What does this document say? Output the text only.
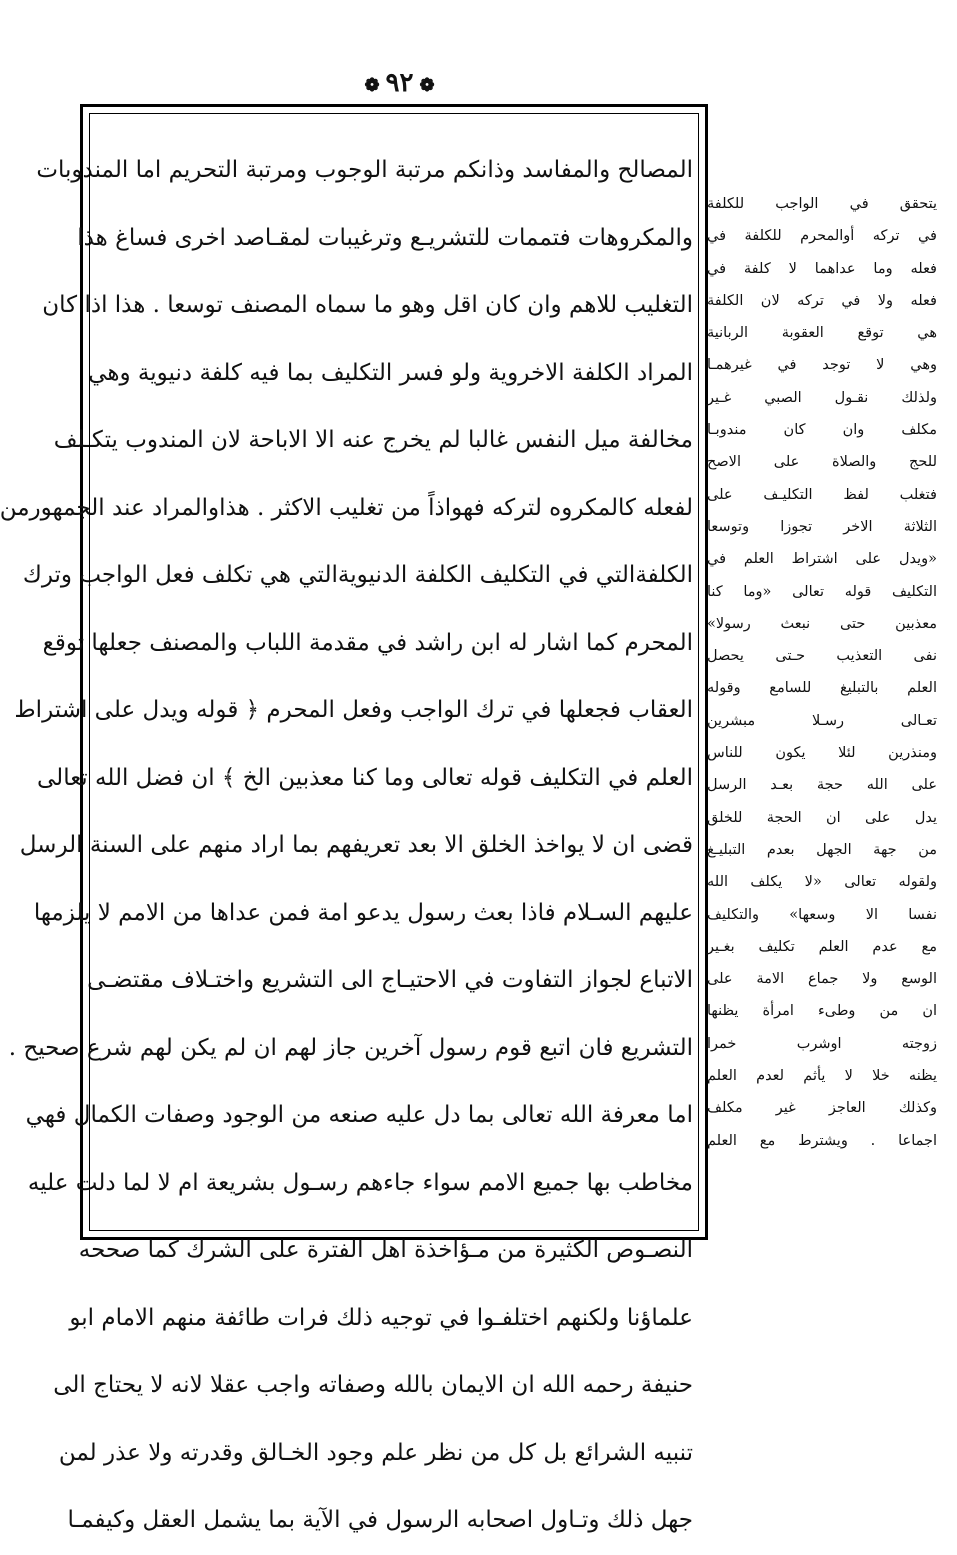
❁٩٢❁
المصالح والمفاسد وذانكم مرتبة الوجوب ومرتبة التحريم اما المندوبات
والمكروهات فتممات للتشريـع وترغيبات لمقـاصد اخرى فساغ هذا
التغليب للاهم وان كان اقل وهو ما سماه المصنف توسعا . هذا اذا كان
المراد الكلفة الاخروية ولو فسر التكليف بما فيه كلفة دنيوية وهي
مخالفة ميل النفس غالبا لم يخرج عنه الا الاباحة لان المندوب يتكـلف
لفعله كالمكروه لتركه فهواذاً من تغليب الاكثر . هذاوالمراد عند الجمهورمن
الكلفةالتي في التكليف الكلفة الدنيويةالتي هي تكلف فعل الواجب وترك
المحرم كما اشار له ابن راشد في مقدمة اللباب والمصنف جعلها توقع
العقاب فجعلها في ترك الواجب وفعل المحرم ﴿ قوله ويدل على اشتراط
العلم في التكليف قوله تعالى وما كنا معذبين الخ ﴾ ان فضل الله تعالى
قضى ان لا يواخذ الخلق الا بعد تعريفهم بما اراد منهم على السنة الرسل
عليهم السـلام فاذا بعث رسول يدعو امة فمن عداها من الامم لا يلزمها
الاتباع لجواز التفاوت في الاحتيـاج الى التشريع واختـلاف مقتضـى
التشريع فان اتبع قوم رسول آخرين جاز لهم ان لم يكن لهم شرع صحيح .
اما معرفة الله تعالى بما دل عليه صنعه من الوجود وصفات الكمال فهي
مخاطب بها جميع الامم سواء جاءهم رسـول بشريعة ام لا لما دلت عليه
النصـوص الكثيرة من مـؤاخذة اهل الفترة على الشرك كما صححه
علماؤنا ولكنهم اختلفـوا في توجيه ذلك فرات طائفة منهم الامام ابو
حنيفة رحمه الله ان الايمان بالله وصفاته واجب عقلا لانه لا يحتاج الى
تنبيه الشرائع بل كل من نظر علم وجود الخـالق وقدرته ولا عذر لمن
جهل ذلك وتـاول اصحابه الرسول في الآية بما يشمل العقل وكيفمـا
يتحقق في الواجب للكلفة
في تركه أوالمحرم للكلفة في
فعله وما عداهما لا كلفة في
فعله ولا في تركه لان الكلفة
هي توقع العقوبة الربانية
وهي لا توجد في غيرهمـا
ولذلك نقـول الصبي غـير
مكلف وان كان مندوبـا
للحج والصلاة على الاصح
فتغلب لفظ التكليـف على
الثلاثة الاخر تجوزا وتوسعا
«ويدل على اشتراط العلم في
التكليف قوله تعالى «وما كنا
معذبين حتى نبعث رسولا»
نفى التعذيب حـتى يحصل
العلم بالتبليغ للسامع وقوله
تعـالى رسـلا مبشرين
ومنذرين لئلا يكون للناس
على الله حجة بعـد الرسل
يدل على ان الحجة للخلق
من جهة الجهل بعدم التبليـغ
ولقوله تعالى «لا يكلف الله
نفسا الا وسعها» والتكليف
مع عدم العلم تكليف بغـير
الوسع ولا جماع الامة على
ان من وطىء امرأة يظنها
زوجته اوشرب خمرا
يظنه خلا لا يأثم لعدم العلم
وكذلك العاجز غير مكلف
اجماعا . ويشترط مع العلم
